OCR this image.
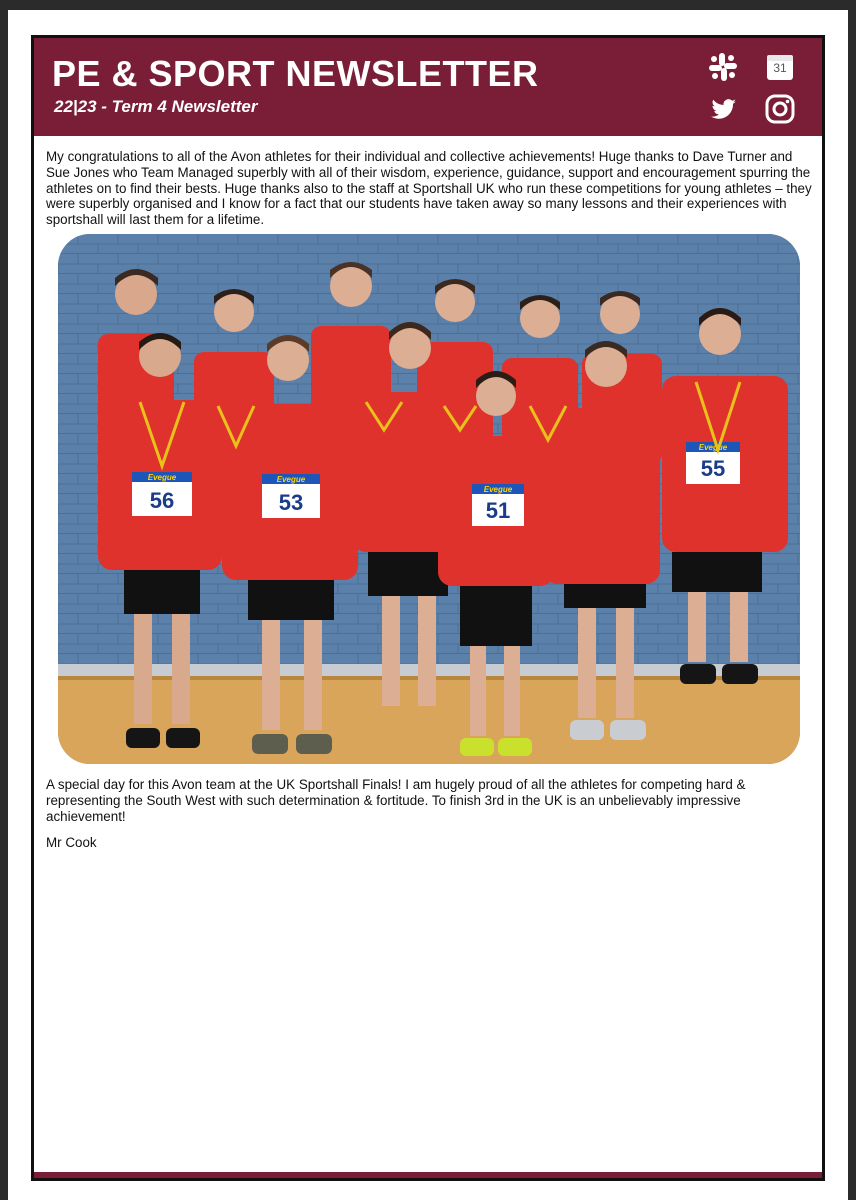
PE & SPORT NEWSLETTER
22|23 - Term 4 Newsletter
31

My congratulations to all of the Avon athletes for their individual and collective achievements! Huge thanks to Dave Turner and Sue Jones who Team Managed superbly with all of their wisdom, experience, guidance, support and encouragement spurring the athletes on to find their bests. Huge thanks also to the staff at Sportshall UK who run these competitions for young athletes – they were superbly organised and I know for a fact that our students have taken away so many lessons and their experiences with sportshall will last them for a lifetime.

Evegue
56
Evegue
53
Evegue
51
Evegue
55

A special day for this Avon team at the UK Sportshall Finals! I am hugely proud of all the athletes for competing hard & representing the South West with such determination & fortitude. To finish 3rd in the UK is an unbelievably impressive achievement!

Mr Cook
